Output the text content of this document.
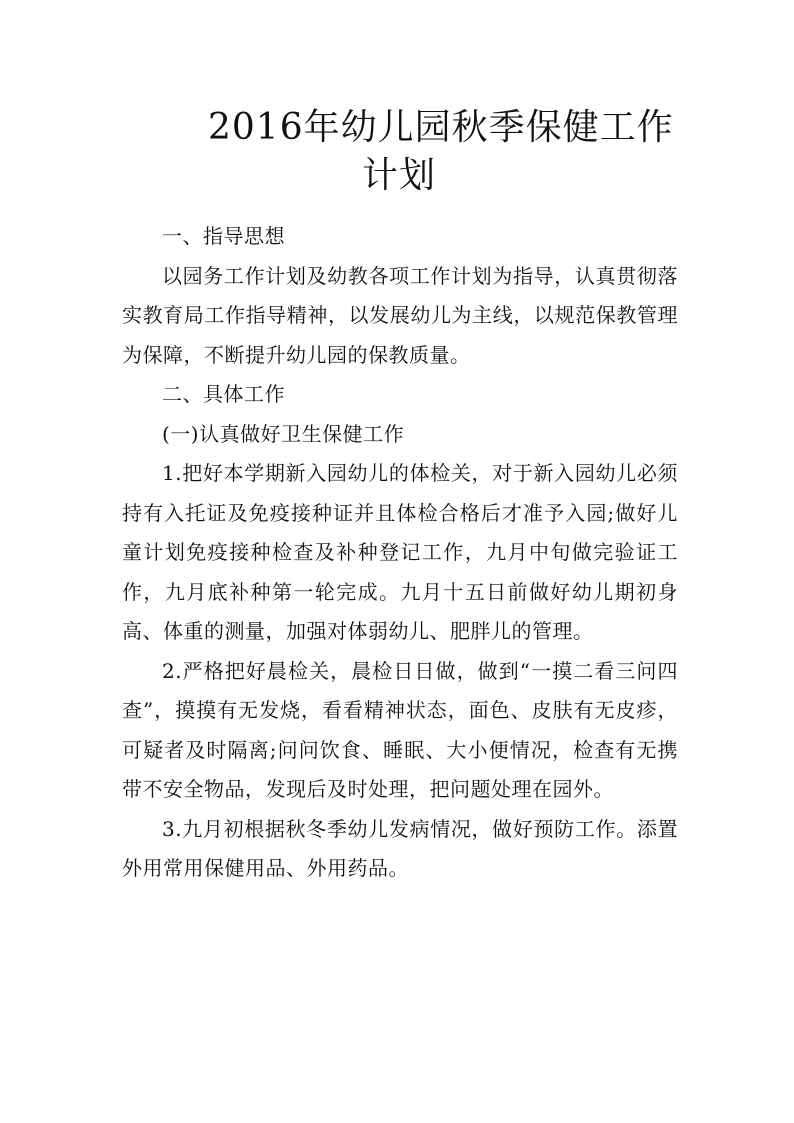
2016年幼儿园秋季保健工作
计划

一、指导思想

以园务工作计划及幼教各项工作计划为指导，认真贯彻落实教育局工作指导精神，以发展幼儿为主线，以规范保教管理为保障，不断提升幼儿园的保教质量。

二、具体工作

(一)认真做好卫生保健工作

1.把好本学期新入园幼儿的体检关，对于新入园幼儿必须持有入托证及免疫接种证并且体检合格后才准予入园;做好儿童计划免疫接种检查及补种登记工作，九月中旬做完验证工作，九月底补种第一轮完成。九月十五日前做好幼儿期初身高、体重的测量，加强对体弱幼儿、肥胖儿的管理。

2.严格把好晨检关，晨检日日做，做到“一摸二看三问四查”，摸摸有无发烧，看看精神状态，面色、皮肤有无皮疹，可疑者及时隔离;问问饮食、睡眠、大小便情况，检查有无携带不安全物品，发现后及时处理，把问题处理在园外。

3.九月初根据秋冬季幼儿发病情况，做好预防工作。添置外用常用保健用品、外用药品。
